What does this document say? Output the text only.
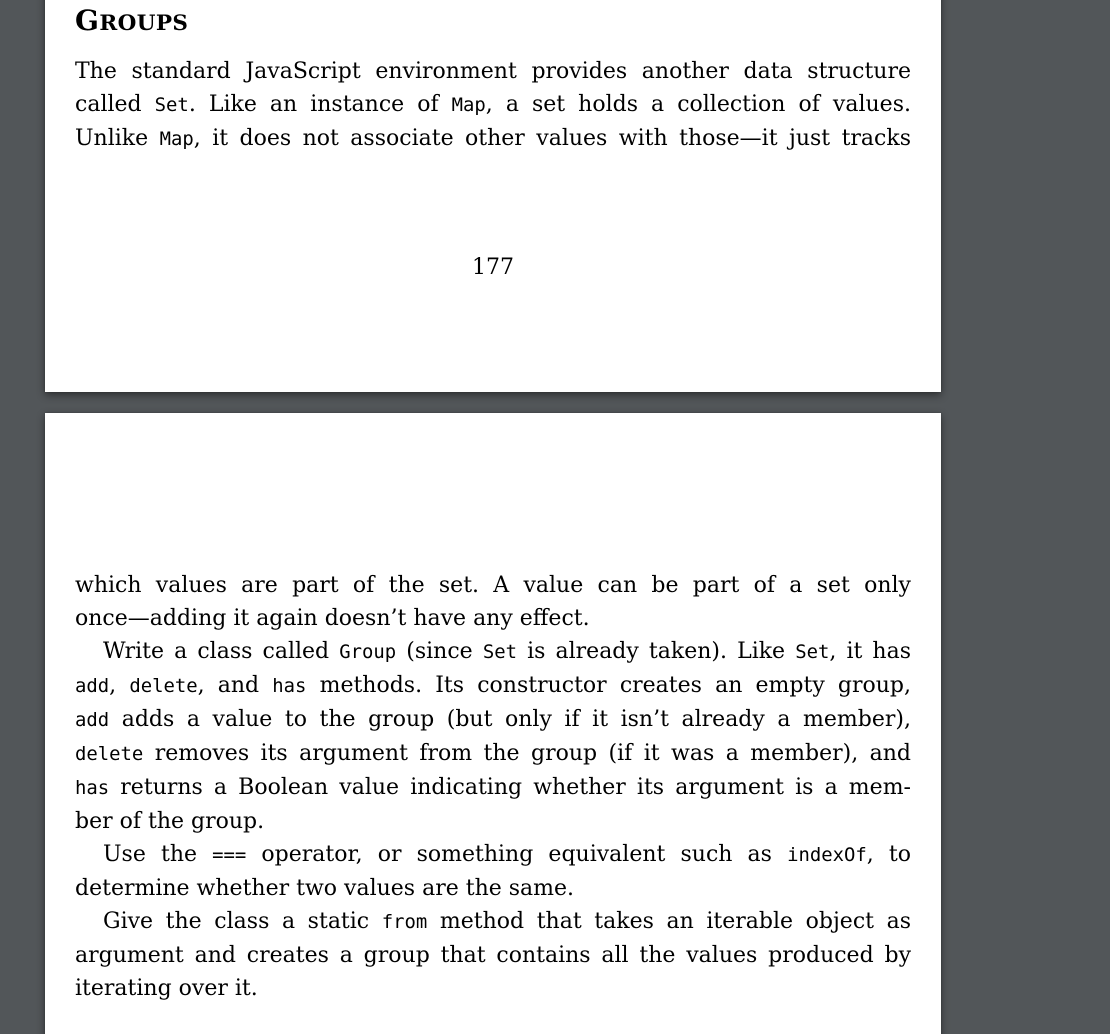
GROUPS
The standard JavaScript environment provides another data structure
called Set. Like an instance of Map, a set holds a collection of values.
Unlike Map, it does not associate other values with those—it just tracks
177
which values are part of the set. A value can be part of a set only
once—adding it again doesn’t have any effect.
Write a class called Group (since Set is already taken). Like Set, it has
add, delete, and has methods. Its constructor creates an empty group,
add adds a value to the group (but only if it isn’t already a member),
delete removes its argument from the group (if it was a member), and
has returns a Boolean value indicating whether its argument is a mem-
ber of the group.
Use the === operator, or something equivalent such as indexOf, to
determine whether two values are the same.
Give the class a static from method that takes an iterable object as
argument and creates a group that contains all the values produced by
iterating over it.
